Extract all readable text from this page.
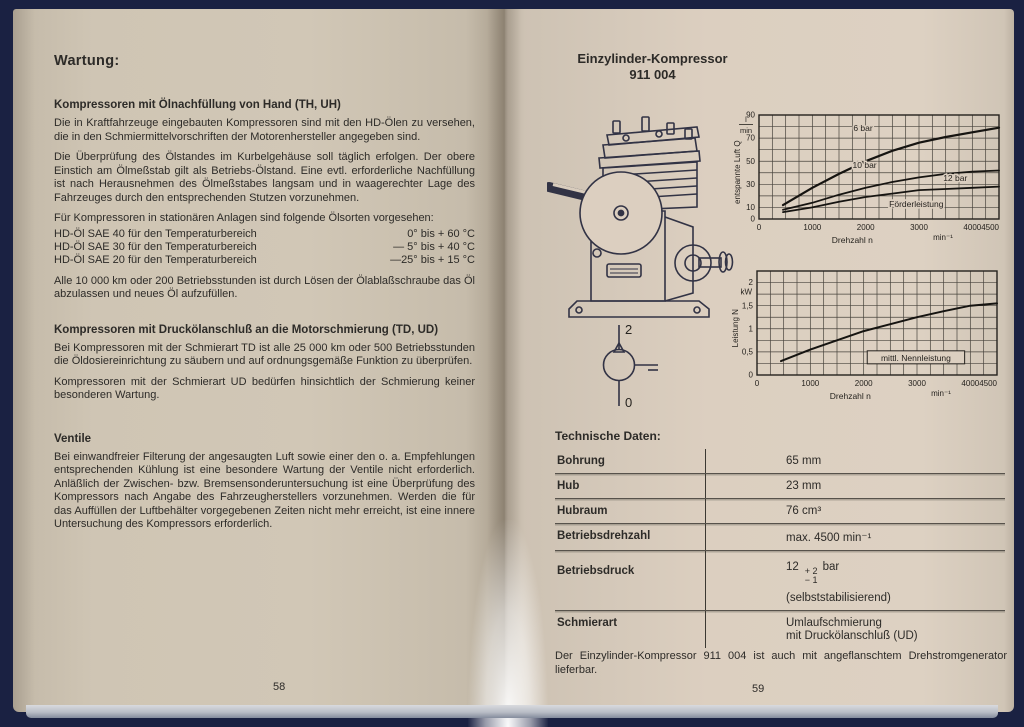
Wartung:
Kompressoren mit Ölnachfüllung von Hand (TH, UH)

Die in Kraftfahrzeuge eingebauten Kompressoren sind mit den HD-Ölen zu versehen, die in den Schmiermittelvorschriften der Motorenhersteller angegeben sind.

Die Überprüfung des Ölstandes im Kurbelgehäuse soll täglich erfolgen. Der obere Einstich am Ölmeßstab gilt als Betriebs-Ölstand. Eine evtl. erforderliche Nachfüllung ist nach Herausnehmen des Ölmeßstabes langsam und in waagerechter Lage des Fahrzeuges durch den entsprechenden Stutzen vorzunehmen.

Für Kompressoren in stationären Anlagen sind folgende Ölsorten vorgesehen:

HD-Öl SAE 40 für den Temperaturbereich	0° bis + 60 °C
HD-Öl SAE 30 für den Temperaturbereich	— 5° bis + 40 °C
HD-Öl SAE 20 für den Temperaturbereich	—25° bis + 15 °C

Alle 10 000 km oder 200 Betriebsstunden ist durch Lösen der Ölablaßschraube das Öl abzulassen und neues Öl aufzufüllen.

Kompressoren mit Druckölanschluß an die Motorschmierung (TD, UD)

Bei Kompressoren mit der Schmierart TD ist alle 25 000 km oder 500 Betriebsstunden die Öldosiereinrichtung zu säubern und auf ordnungsgemäße Funktion zu überprüfen.

Kompressoren mit der Schmierart UD bedürfen hinsichtlich der Schmierung keiner besonderen Wartung.

Ventile

Bei einwandfreier Filterung der angesaugten Luft sowie einer den o. a. Empfehlungen entsprechenden Kühlung ist eine besondere Wartung der Ventile nicht erforderlich. Anläßlich der Zwischen- bzw. Bremsensonderuntersuchung ist eine Überprüfung des Kompressors nach Angabe des Fahrzeugherstellers vorzunehmen. Werden die für das Auffüllen der Luftbehälter vorgegebenen Zeiten nicht mehr erreicht, ist eine innere Untersuchung des Kompressors erforderlich.

58
Einzylinder-Kompressor
911 004
2
0
0
10
30
50
70
90
0	1000	2000	3000	4000 4500
Drehzahl n	min⁻¹
entspannte Luft Q
l
min	6 bar
10 bar
12 bar
Förderleistung
0
0,5
1
1,5
2
0	1000	2000	3000	4000 4500
Drehzahl n	min⁻¹
Leistung N
kW
mittl. Nennleistung
Technische Daten:
Bohrung	65 mm
Hub	23 mm
Hubraum	76 cm³
Betriebsdrehzahl	max. 4500 min⁻¹
Betriebsdruck	12 + 2
− 1
bar
(selbststabilisierend)
Schmierart	Umlaufschmierung
mit Druckölanschluß (UD)

Der Einzylinder-Kompressor 911 004 ist auch mit angeflanschtem Drehstromgenerator lieferbar.

59
